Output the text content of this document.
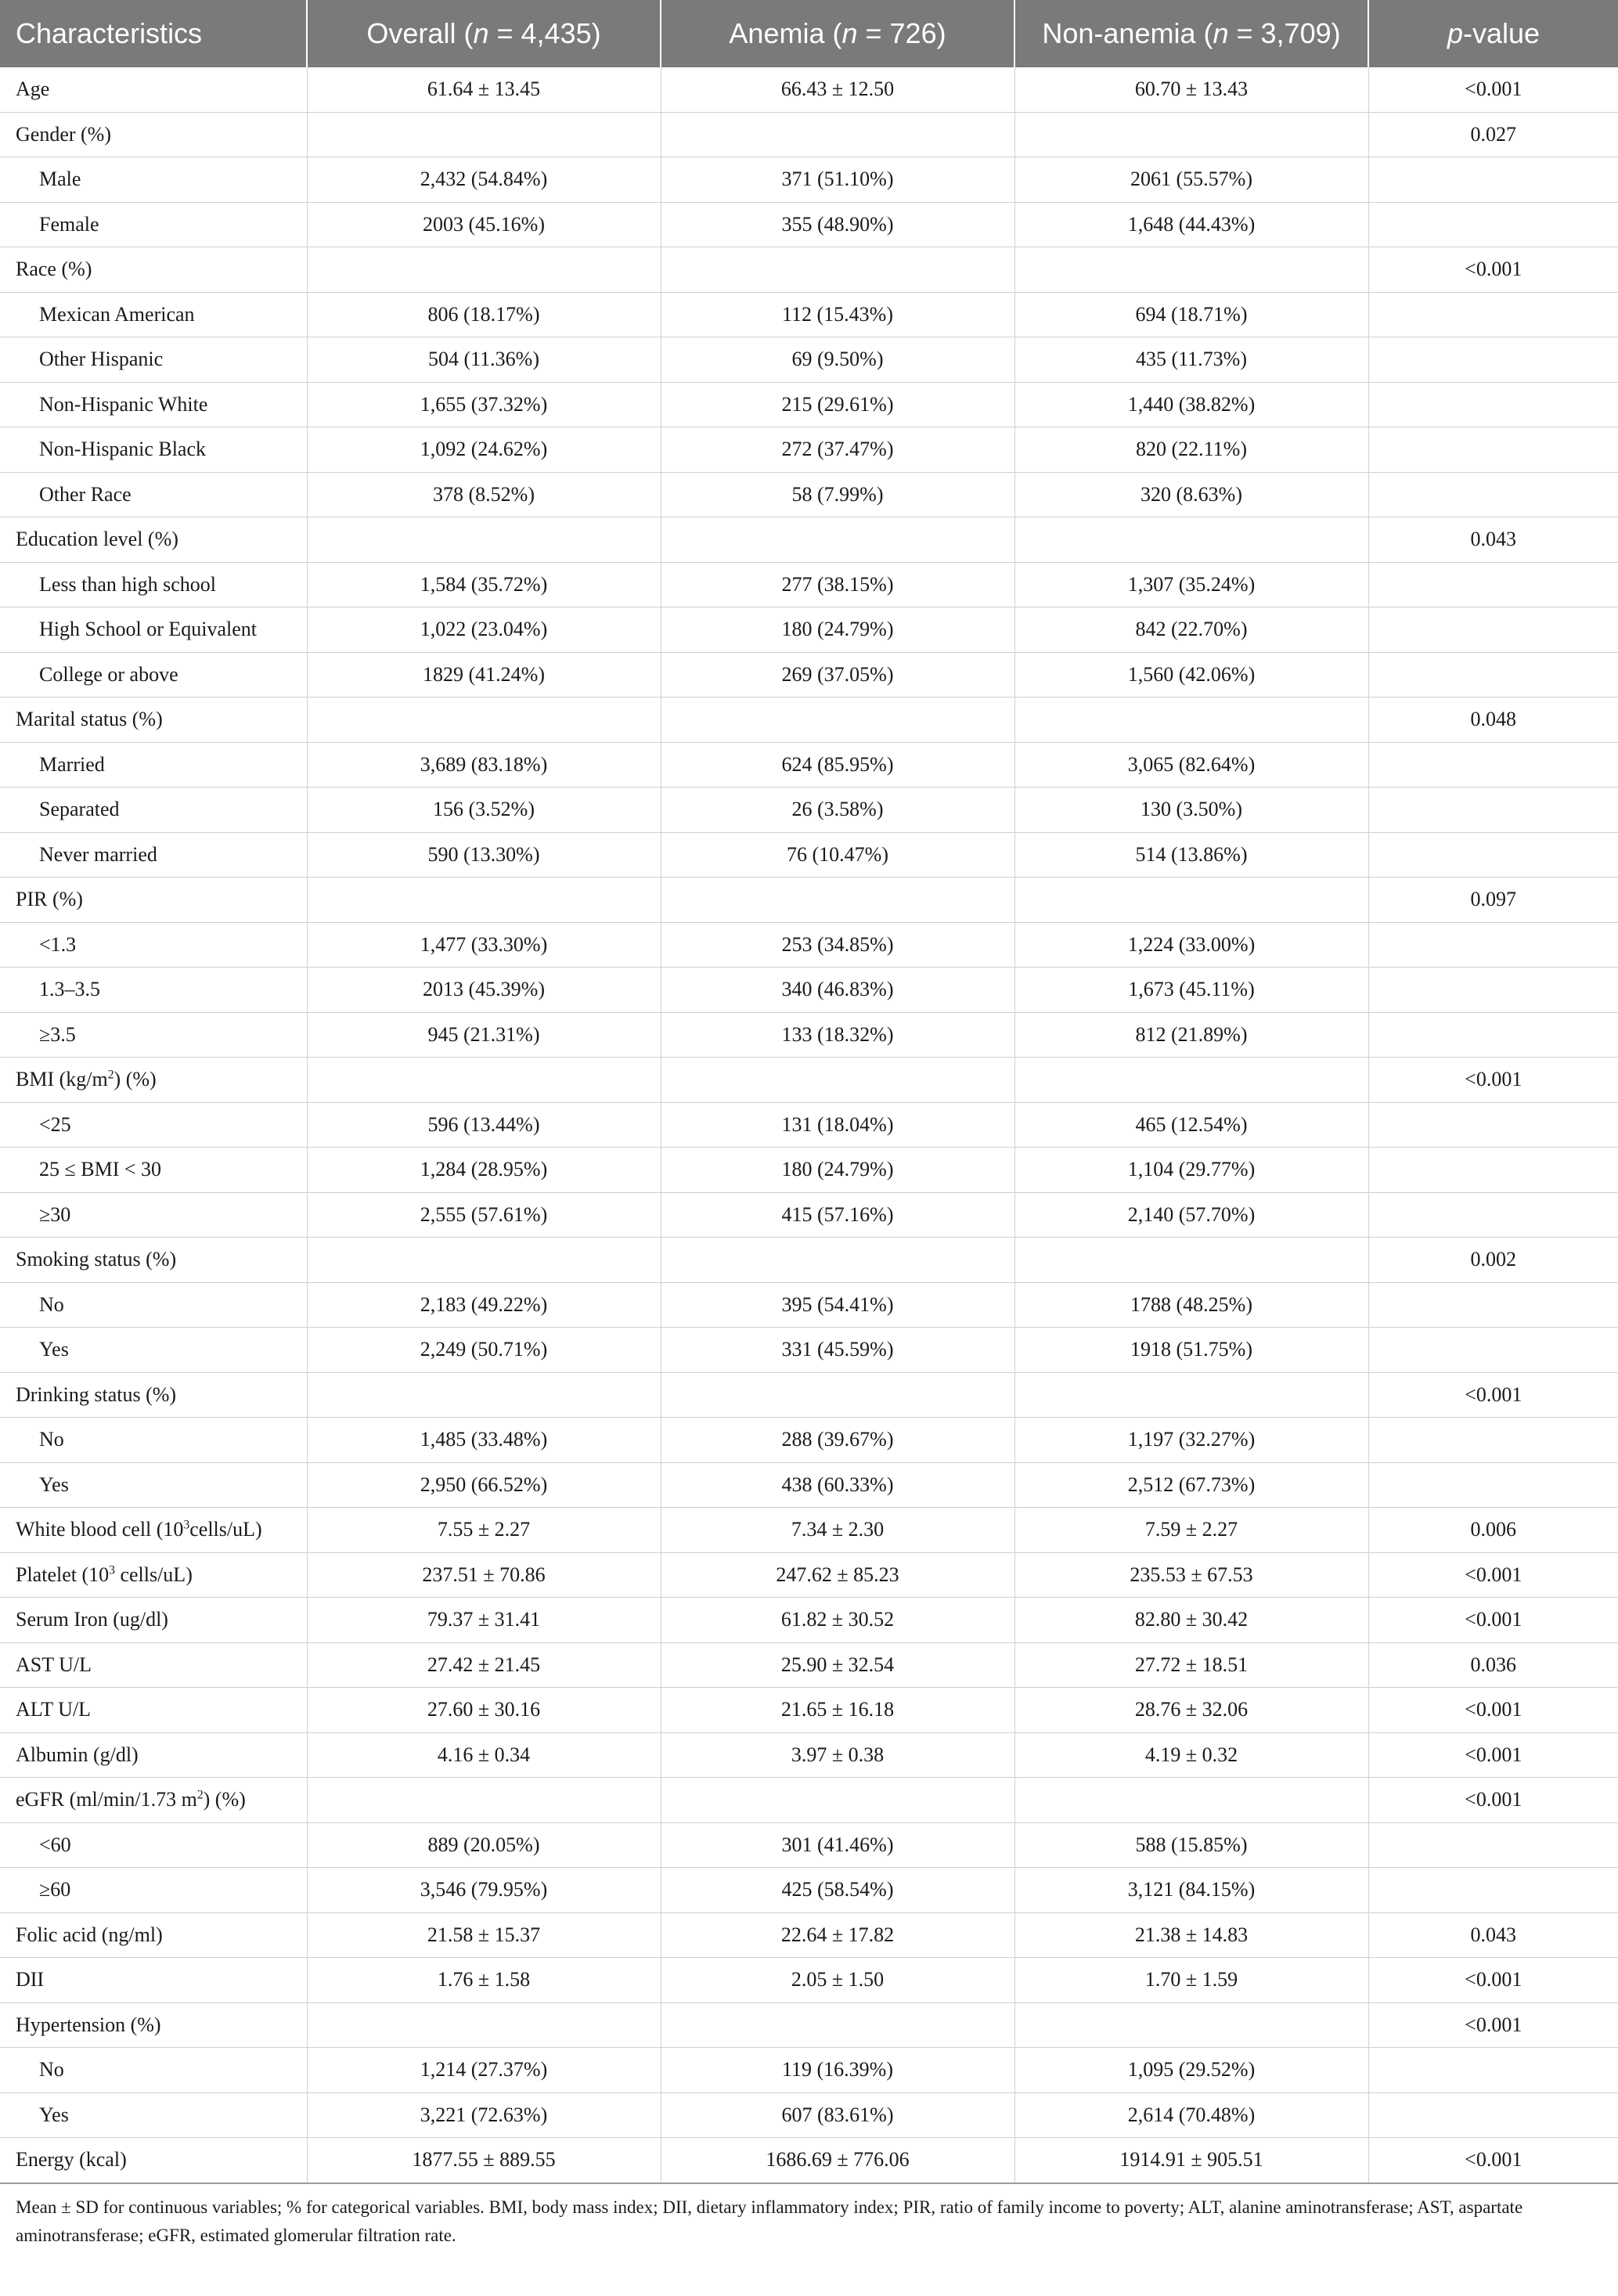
Characteristics	Overall (n = 4,435)	Anemia (n = 726)	Non-anemia (n = 3,709)	p-value
Age	61.64 ± 13.45	66.43 ± 12.50	60.70 ± 13.43	<0.001
Gender (%)				0.027
Male	2,432 (54.84%)	371 (51.10%)	2061 (55.57%)	
Female	2003 (45.16%)	355 (48.90%)	1,648 (44.43%)	
Race (%)				<0.001
Mexican American	806 (18.17%)	112 (15.43%)	694 (18.71%)	
Other Hispanic	504 (11.36%)	69 (9.50%)	435 (11.73%)	
Non-Hispanic White	1,655 (37.32%)	215 (29.61%)	1,440 (38.82%)	
Non-Hispanic Black	1,092 (24.62%)	272 (37.47%)	820 (22.11%)	
Other Race	378 (8.52%)	58 (7.99%)	320 (8.63%)	
Education level (%)				0.043
Less than high school	1,584 (35.72%)	277 (38.15%)	1,307 (35.24%)	
High School or Equivalent	1,022 (23.04%)	180 (24.79%)	842 (22.70%)	
College or above	1829 (41.24%)	269 (37.05%)	1,560 (42.06%)	
Marital status (%)				0.048
Married	3,689 (83.18%)	624 (85.95%)	3,065 (82.64%)	
Separated	156 (3.52%)	26 (3.58%)	130 (3.50%)	
Never married	590 (13.30%)	76 (10.47%)	514 (13.86%)	
PIR (%)				0.097
<1.3	1,477 (33.30%)	253 (34.85%)	1,224 (33.00%)	
1.3–3.5	2013 (45.39%)	340 (46.83%)	1,673 (45.11%)	
≥3.5	945 (21.31%)	133 (18.32%)	812 (21.89%)	
BMI $(kg/m^2)$ (%)				<0.001
<25	596 (13.44%)	131 (18.04%)	465 (12.54%)	
25 ≤ BMI < 30	1,284 (28.95%)	180 (24.79%)	1,104 (29.77%)	
≥30	2,555 (57.61%)	415 (57.16%)	2,140 (57.70%)	
Smoking status (%)				0.002
No	2,183 (49.22%)	395 (54.41%)	1788 (48.25%)	
Yes	2,249 (50.71%)	331 (45.59%)	1918 (51.75%)	
Drinking status (%)				<0.001
No	1,485 (33.48%)	288 (39.67%)	1,197 (32.27%)	
Yes	2,950 (66.52%)	438 (60.33%)	2,512 (67.73%)	
White blood cell $(10^3cells/uL)$	7.55 ± 2.27	7.34 ± 2.30	7.59 ± 2.27	0.006
Platelet ($10^3$ cells/uL)	237.51 ± 70.86	247.62 ± 85.23	235.53 ± 67.53	<0.001
Serum Iron (ug/dl)	79.37 ± 31.41	61.82 ± 30.52	82.80 ± 30.42	<0.001
AST U/L	27.42 ± 21.45	25.90 ± 32.54	27.72 ± 18.51	0.036
ALT U/L	27.60 ± 30.16	21.65 ± 16.18	28.76 ± 32.06	<0.001
Albumin (g/dl)	4.16 ± 0.34	3.97 ± 0.38	4.19 ± 0.32	<0.001
eGFR (ml/min/1.73 $m^2$) (%)				<0.001
<60	889 (20.05%)	301 (41.46%)	588 (15.85%)	
≥60	3,546 (79.95%)	425 (58.54%)	3,121 (84.15%)	
Folic acid (ng/ml)	21.58 ± 15.37	22.64 ± 17.82	21.38 ± 14.83	0.043
DII	1.76 ± 1.58	2.05 ± 1.50	1.70 ± 1.59	<0.001
Hypertension (%)				<0.001
No	1,214 (27.37%)	119 (16.39%)	1,095 (29.52%)	
Yes	3,221 (72.63%)	607 (83.61%)	2,614 (70.48%)	
Energy (kcal)	1877.55 ± 889.55	1686.69 ± 776.06	1914.91 ± 905.51	<0.001
Mean ± SD for continuous variables; % for categorical variables. BMI, body mass index; DII, dietary inflammatory index; PIR, ratio of family income to poverty; ALT, alanine aminotransferase; AST, aspartate aminotransferase; eGFR, estimated glomerular filtration rate.
